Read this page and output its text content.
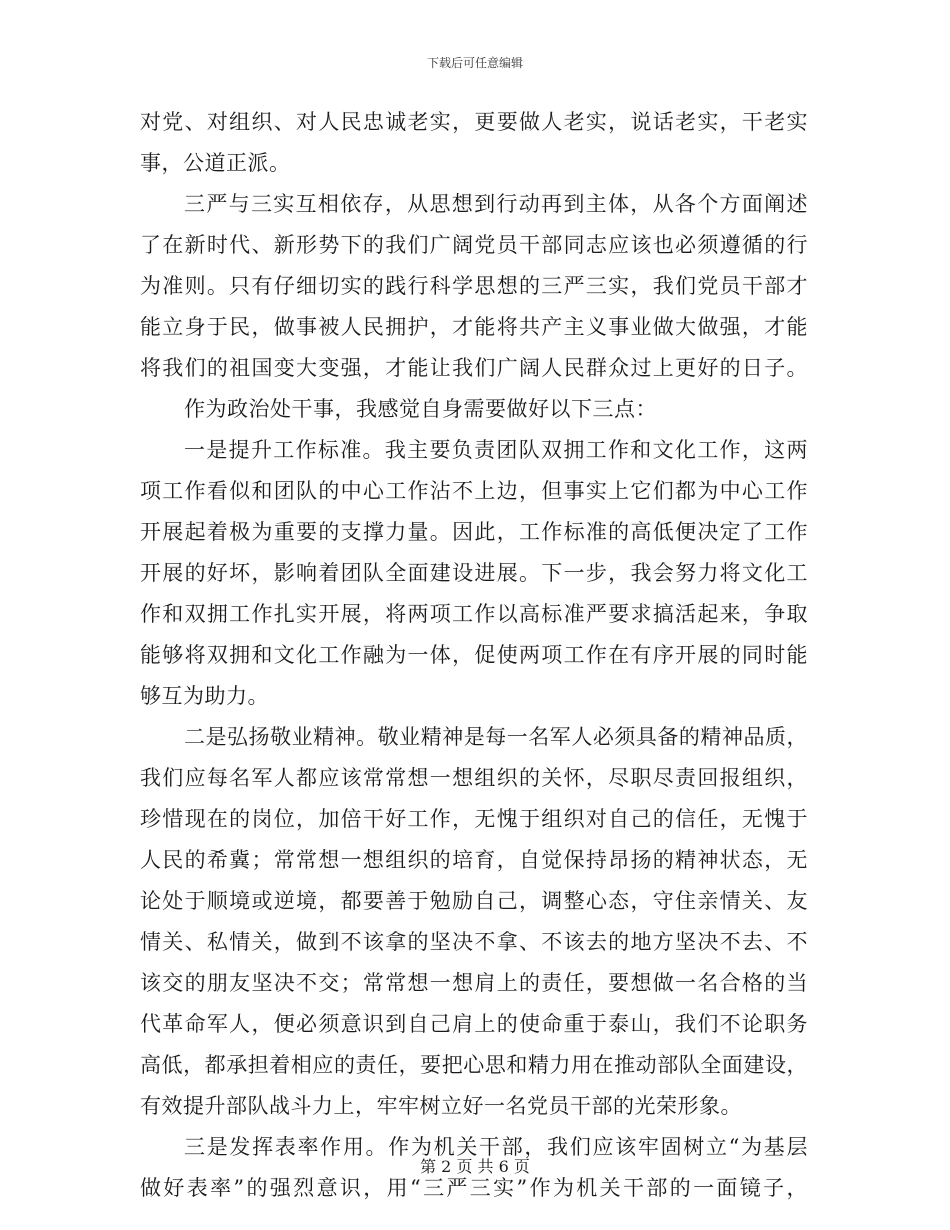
下载后可任意编辑
对党、对组织、对人民忠诚老实，更要做人老实，说话老实，干老实
事，公道正派。
三严与三实互相依存，从思想到行动再到主体，从各个方面阐述
了在新时代、新形势下的我们广阔党员干部同志应该也必须遵循的行
为准则。只有仔细切实的践行科学思想的三严三实，我们党员干部才
能立身于民，做事被人民拥护，才能将共产主义事业做大做强，才能
将我们的祖国变大变强，才能让我们广阔人民群众过上更好的日子。
作为政治处干事，我感觉自身需要做好以下三点：
一是提升工作标准。我主要负责团队双拥工作和文化工作，这两
项工作看似和团队的中心工作沾不上边，但事实上它们都为中心工作
开展起着极为重要的支撑力量。因此，工作标准的高低便决定了工作
开展的好坏，影响着团队全面建设进展。下一步，我会努力将文化工
作和双拥工作扎实开展，将两项工作以高标准严要求搞活起来，争取
能够将双拥和文化工作融为一体，促使两项工作在有序开展的同时能
够互为助力。
二是弘扬敬业精神。敬业精神是每一名军人必须具备的精神品质，
我们应每名军人都应该常常想一想组织的关怀，尽职尽责回报组织，
珍惜现在的岗位，加倍干好工作，无愧于组织对自己的信任，无愧于
人民的希冀；常常想一想组织的培育，自觉保持昂扬的精神状态，无
论处于顺境或逆境，都要善于勉励自己，调整心态，守住亲情关、友
情关、私情关，做到不该拿的坚决不拿、不该去的地方坚决不去、不
该交的朋友坚决不交；常常想一想肩上的责任，要想做一名合格的当
代革命军人，便必须意识到自己肩上的使命重于泰山，我们不论职务
高低，都承担着相应的责任，要把心思和精力用在推动部队全面建设，
有效提升部队战斗力上，牢牢树立好一名党员干部的光荣形象。
三是发挥表率作用。作为机关干部，我们应该牢固树立“为基层
做好表率”的强烈意识，用“三严三实”作为机关干部的一面镜子，
第 2 页 共 6 页
